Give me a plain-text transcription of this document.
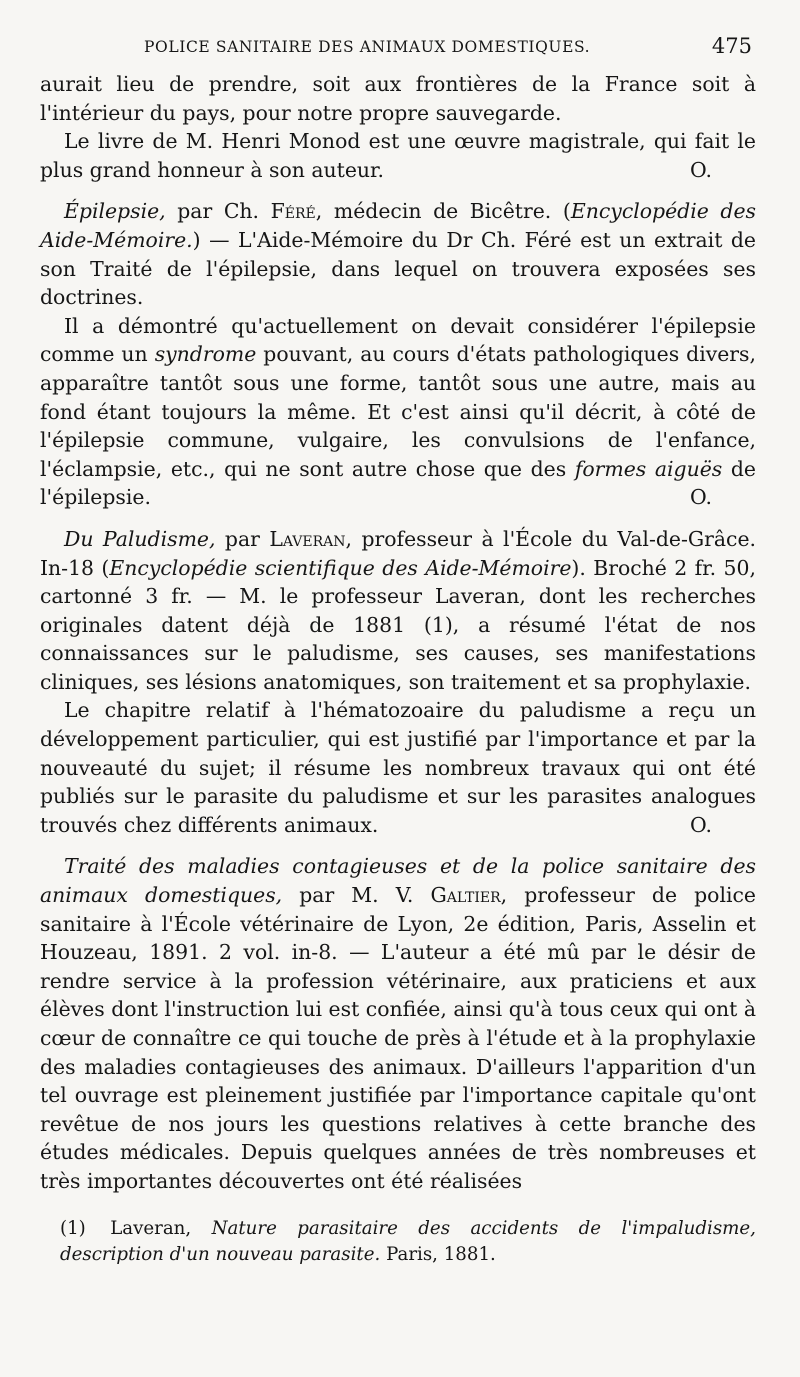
POLICE SANITAIRE DES ANIMAUX DOMESTIQUES.	475

aurait lieu de prendre, soit aux frontières de la France soit à l'intérieur du pays, pour notre propre sauvegarde.

Le livre de M. Henri Monod est une œuvre magistrale, qui fait le plus grand honneur à son auteur.	O.

Épilepsie, par Ch. Féré, médecin de Bicêtre. (Encyclopédie des Aide-Mémoire.) — L'Aide-Mémoire du Dr Ch. Féré est un extrait de son Traité de l'épilepsie, dans lequel on trouvera exposées ses doctrines.

Il a démontré qu'actuellement on devait considérer l'épilepsie comme un syndrome pouvant, au cours d'états pathologiques divers, apparaître tantôt sous une forme, tantôt sous une autre, mais au fond étant toujours la même. Et c'est ainsi qu'il décrit, à côté de l'épilepsie commune, vulgaire, les convulsions de l'enfance, l'éclampsie, etc., qui ne sont autre chose que des formes aiguës de l'épilepsie.	O.

Du Paludisme, par Laveran, professeur à l'École du Val-de-Grâce. In-18 (Encyclopédie scientifique des Aide-Mémoire). Broché 2 fr. 50, cartonné 3 fr. — M. le professeur Laveran, dont les recherches originales datent déjà de 1881 (1), a résumé l'état de nos connaissances sur le paludisme, ses causes, ses manifestations cliniques, ses lésions anatomiques, son traitement et sa prophylaxie.

Le chapitre relatif à l'hématozoaire du paludisme a reçu un développement particulier, qui est justifié par l'importance et par la nouveauté du sujet; il résume les nombreux travaux qui ont été publiés sur le parasite du paludisme et sur les parasites analogues trouvés chez différents animaux.	O.

Traité des maladies contagieuses et de la police sanitaire des animaux domestiques, par M. V. Galtier, professeur de police sanitaire à l'École vétérinaire de Lyon, 2e édition, Paris, Asselin et Houzeau, 1891. 2 vol. in-8. — L'auteur a été mû par le désir de rendre service à la profession vétérinaire, aux praticiens et aux élèves dont l'instruction lui est confiée, ainsi qu'à tous ceux qui ont à cœur de connaître ce qui touche de près à l'étude et à la prophylaxie des maladies contagieuses des animaux. D'ailleurs l'apparition d'un tel ouvrage est pleinement justifiée par l'importance capitale qu'ont revêtue de nos jours les questions relatives à cette branche des études médicales. Depuis quelques années de très nombreuses et très importantes découvertes ont été réalisées

(1) Laveran, Nature parasitaire des accidents de l'impaludisme, description d'un nouveau parasite. Paris, 1881.
